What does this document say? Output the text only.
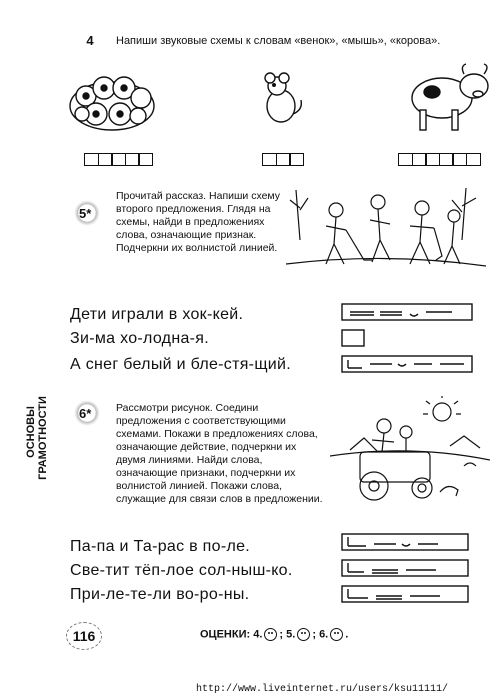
4 Напиши звуковые схемы к словам «венок», «мышь», «корова».
5*
Прочитай рассказ. Напиши схему второго предложения. Глядя на схемы, найди в предложениях слова, означающие признак. Подчеркни их волнистой линией.
Дети играли в хок-кей.
Зи-ма хо-лодна-я.
А снег белый и бле-стя-щий.
ОСНОВЫ ГРАМОТНОСТИ 6* Рассмотри рисунок. Соедини предложения с соответствующими схемами. Покажи в предложениях слова, означающие действие, подчеркни их двумя линиями. Найди слова, означающие признаки, подчеркни их волнистой линией. Покажи слова, служащие для связи слов в предложении.
Па-па и Та-рас в по-ле.
Све-тит тёп-лое сол-ныш-ко.
При-ле-те-ли во-ро-ны.
116	ОЦЕНКИ: 4. ; 5. ; 6. .
http://www.liveinternet.ru/users/ksu11111/
